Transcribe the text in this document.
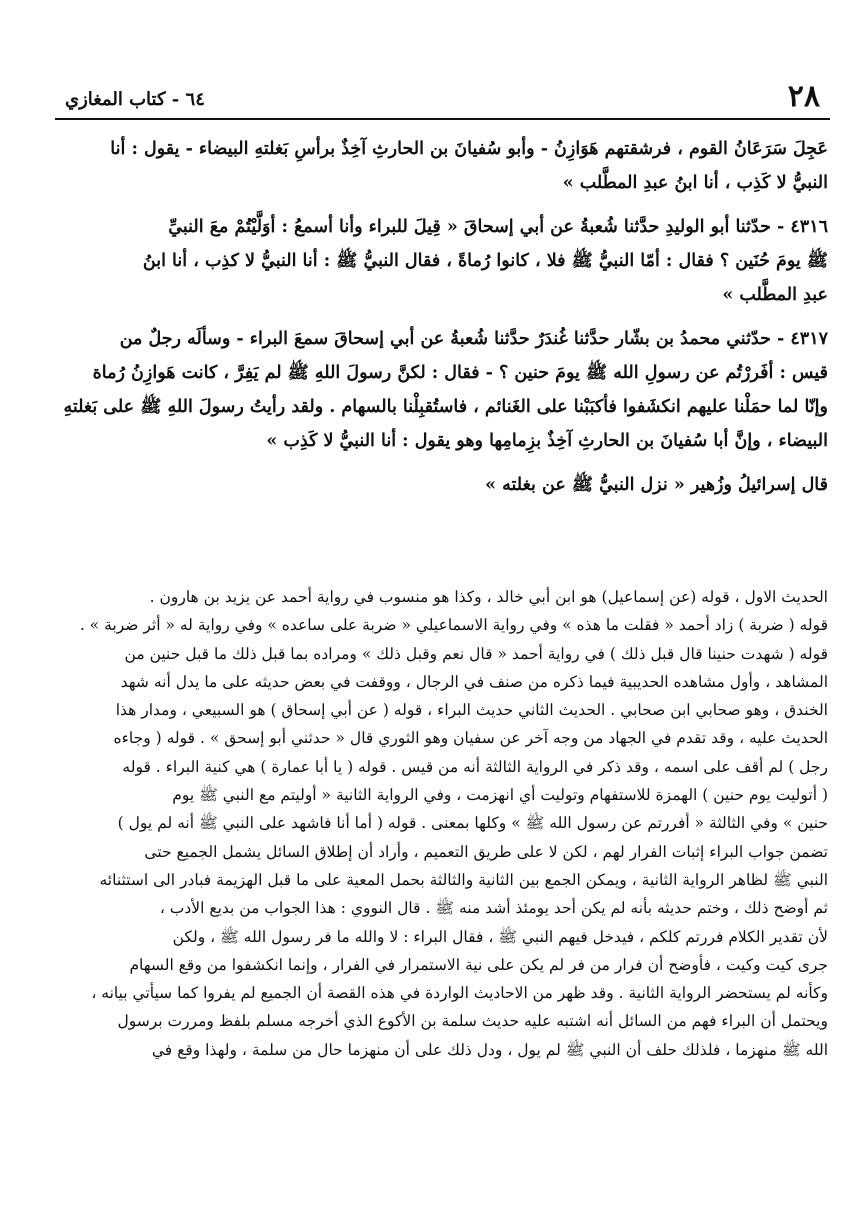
٢٨
٦٤ - كتاب المغازي

عَجِلَ سَرَعَانُ القوم ، فرشقتهم هَوَازِنُ - وأبو سُفيانَ بن الحارثِ آخِذٌ برأسِ بَغلتهِ البيضاء - يقول : أنا

النبيُّ لا كَذِب ، أنا ابنُ عبدِ المطَّلب »

٤٣١٦ - حدّثنا أبو الوليدِ حدَّثنا شُعبةُ عن أبي إسحاقَ « قِيلَ للبراء وأنا أسمعُ : أوَلَّيْتُمْ معَ النبيِّ

ﷺ يومَ حُنَين ؟ فقال : أمّا النبيُّ ﷺ فلا ، كانوا رُماةً ، فقال النبيُّ ﷺ : أنا النبيُّ لا كذِب ، أنا ابنُ

عبدِ المطَّلب »

٤٣١٧ - حدّثني محمدُ بن بشّار حدَّثنا غُندَرٌ حدَّثنا شُعبةُ عن أبي إسحاقَ سمعَ البراء - وسألَه رجلٌ من

قيس : أفَررْتُم عن رسولِ الله ﷺ يومَ حنين ؟ - فقال : لكنَّ رسولَ اللهِ ﷺ لم يَفِرَّ ، كانت هَوازِنُ رُماة

وإنّا لما حمَلْنا عليهم انكشَفوا فأكبَبْنا على الغَنائم ، فاستُقبِلْنا بالسهام . ولقد رأيتُ رسولَ اللهِ ﷺ على بَغلتهِ

البيضاء ، وإنَّ أبا سُفيانَ بن الحارثِ آخِذٌ بزِمامِها وهو يقول : أنا النبيُّ لا كَذِب »

قال إسرائيلُ وزُهير « نزل النبيُّ ﷺ عن بغلته »

الحديث الاول ، قوله (عن إسماعيل) هو ابن أبي خالد ، وكذا هو منسوب في رواية أحمد عن يزيد بن هارون .

قوله ( ضربة ) زاد أحمد « فقلت ما هذه » وفي رواية الاسماعيلي « ضربة على ساعده » وفي رواية له « أثر ضربة » .

قوله ( شهدت حنينا قال قبل ذلك ) في رواية أحمد « قال نعم وقبل ذلك » ومراده بما قبل ذلك ما قبل حنين من

المشاهد ، وأول مشاهده الحديبية فيما ذكره من صنف في الرجال ، ووقفت في بعض حديثه على ما يدل أنه شهد

الخندق ، وهو صحابي ابن صحابي . الحديث الثاني حديث البراء ، قوله ( عن أبي إسحاق ) هو السبيعي ، ومدار هذا

الحديث عليه ، وقد تقدم في الجهاد من وجه آخر عن سفيان وهو الثوري قال « حدثني أبو إسحق » . قوله ( وجاءه

رجل ) لم أقف على اسمه ، وقد ذكر في الرواية الثالثة أنه من قيس . قوله ( يا أبا عمارة ) هي كنية البراء . قوله

( أتوليت يوم حنين ) الهمزة للاستفهام وتوليت أي انهزمت ، وفي الرواية الثانية « أوليتم مع النبي ﷺ يوم

حنين » وفي الثالثة « أفررتم عن رسول الله ﷺ » وكلها بمعنى . قوله ( أما أنا فاشهد على النبي ﷺ أنه لم يول )

تضمن جواب البراء إثبات الفرار لهم ، لكن لا على طريق التعميم ، وأراد أن إطلاق السائل يشمل الجميع حتى

النبي ﷺ لظاهر الرواية الثانية ، ويمكن الجمع بين الثانية والثالثة بحمل المعية على ما قبل الهزيمة فبادر الى استثنائه

ثم أوضح ذلك ، وختم حديثه بأنه لم يكن أحد يومئذ أشد منه ﷺ . قال النووي : هذا الجواب من بديع الأدب ،

لأن تقدير الكلام فررتم كلكم ، فيدخل فيهم النبي ﷺ ، فقال البراء : لا والله ما فر رسول الله ﷺ ، ولكن

جرى كيت وكيت ، فأوضح أن فرار من فر لم يكن على نية الاستمرار في الفرار ، وإنما انكشفوا من وقع السهام

وكأنه لم يستحضر الرواية الثانية . وقد ظهر من الاحاديث الواردة في هذه القصة أن الجميع لم يفروا كما سيأتي بيانه ،

ويحتمل أن البراء فهم من السائل أنه اشتبه عليه حديث سلمة بن الأكوع الذي أخرجه مسلم بلفظ ومررت برسول

الله ﷺ منهزما ، فلذلك حلف أن النبي ﷺ لم يول ، ودل ذلك على أن منهزما حال من سلمة ، ولهذا وقع في
